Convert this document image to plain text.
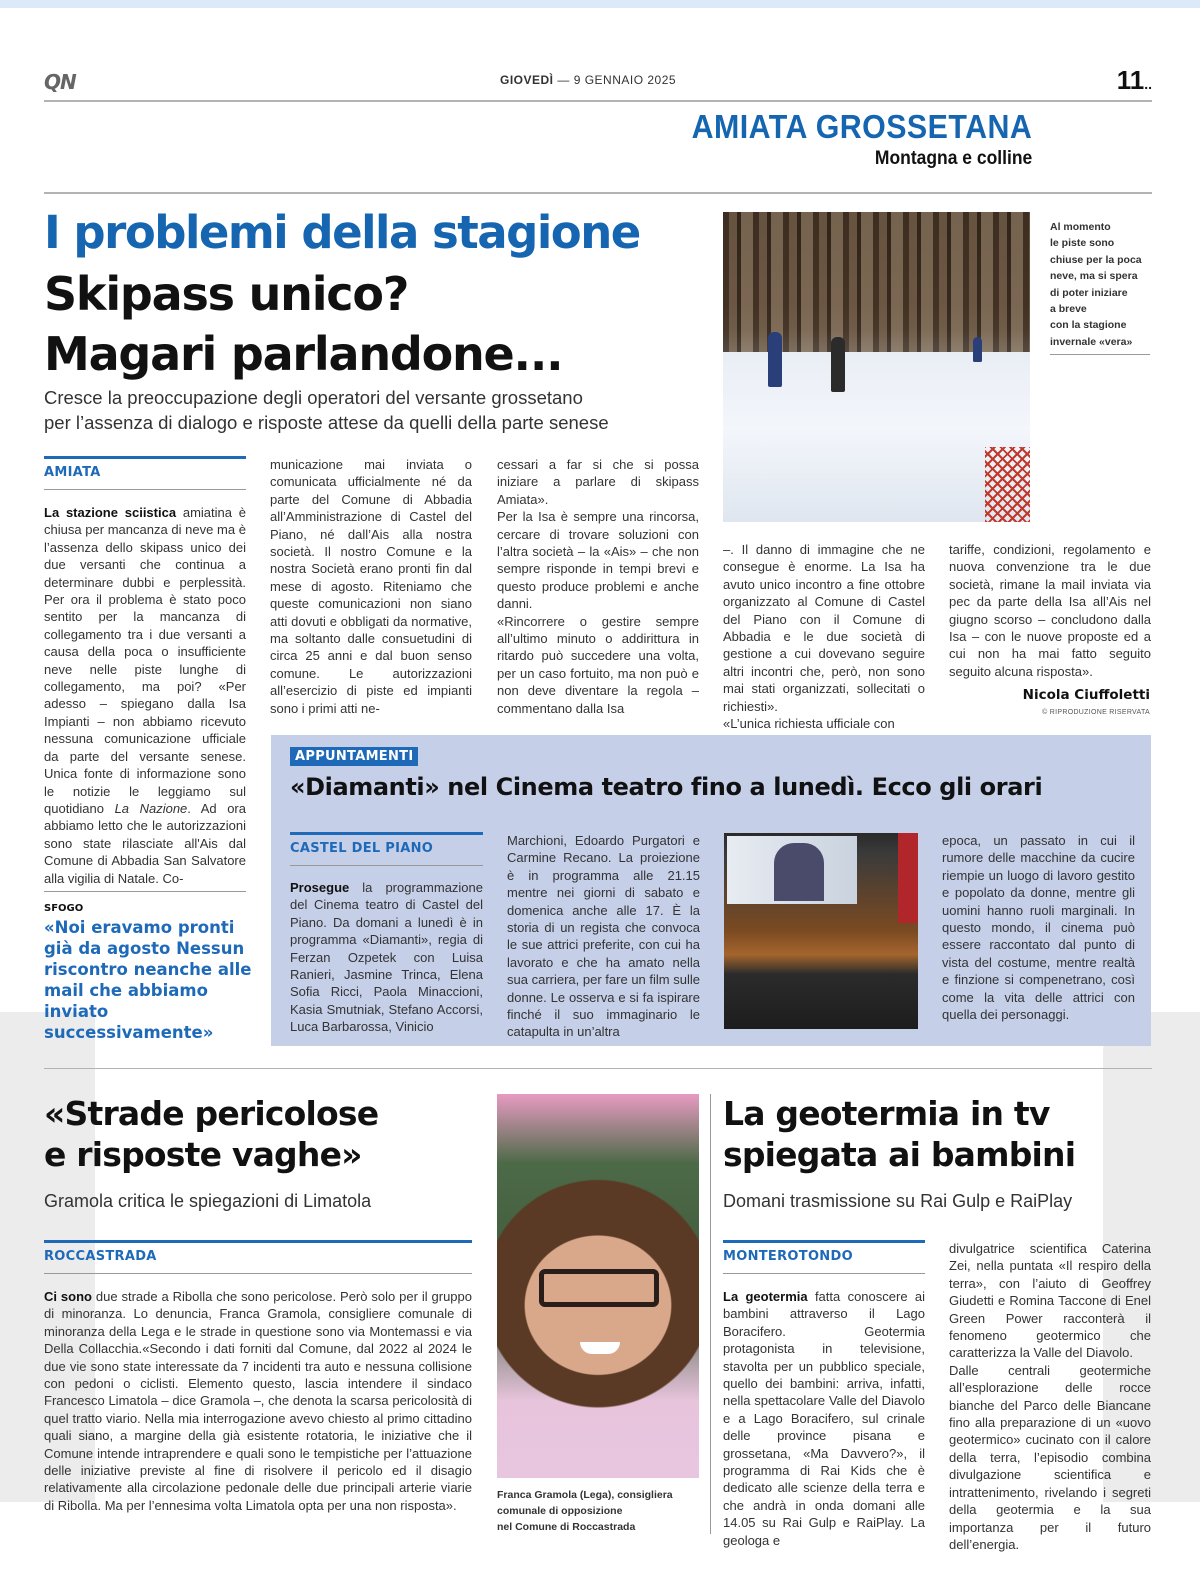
QN	GIOVEDÌ — 9 GENNAIO 2025	11..
AMIATA GROSSETANA
Montagna e colline
I problemi della stagione
Skipass unico?
Magari parlandone...
Cresce la preoccupazione degli operatori del versante grossetano
per l’assenza di dialogo e risposte attese da quelli della parte senese
Al momento
le piste sono
chiuse per la poca
neve, ma si spera
di poter iniziare
a breve
con la stagione
invernale «vera»
AMIATA

La stazione sciistica amiatina è chiusa per mancanza di neve ma è l’assenza dello skipass unico dei due versanti che continua a determinare dubbi e perplessità. Per ora il problema è stato poco sentito per la mancanza di collegamento tra i due versanti a causa della poca o insufficiente neve nelle piste lunghe di collegamento, ma poi? «Per adesso – spiegano dalla Isa Impianti – non abbiamo ricevuto nessuna comunicazione ufficiale da parte del versante senese. Unica fonte di informazione sono le notizie le leggiamo sul quotidiano La Nazione. Ad ora abbiamo letto che le autorizzazioni sono state rilasciate all'Ais dal Comune di Abbadia San Salvatore alla vigilia di Natale. Co-

municazione mai inviata o comunicata ufficialmente né da parte del Comune di Abbadia all’Amministrazione di Castel del Piano, né dall’Ais alla nostra società. Il nostro Comune e la nostra Società erano pronti fin dal mese di agosto. Riteniamo che queste comunicazioni non siano atti dovuti e obbligati da normative, ma soltanto dalle consuetudini di circa 25 anni e dal buon senso comune. Le autorizzazioni all’esercizio di piste ed impianti sono i primi atti ne-

cessari a far si che si possa iniziare a parlare di skipass Amiata».

Per la Isa è sempre una rincorsa, cercare di trovare soluzioni con l’altra società – la «Ais» – che non sempre risponde in tempi brevi e questo produce problemi e anche danni.

«Rincorrere o gestire sempre all’ultimo minuto o addirittura in ritardo può succedere una volta, per un caso fortuito, ma non può e non deve diventare la regola – commentano dalla Isa

–. Il danno di immagine che ne consegue è enorme. La Isa ha avuto unico incontro a fine ottobre organizzato al Comune di Castel del Piano con il Comune di Abbadia e le due società di gestione a cui dovevano seguire altri incontri che, però, non sono mai stati organizzati, sollecitati o richiesti».

«L’unica richiesta ufficiale con

tariffe, condizioni, regolamento e nuova convenzione tra le due società, rimane la mail inviata via pec da parte della Isa all’Ais nel giugno scorso – concludono dalla Isa – con le nuove proposte ed a cui non ha mai fatto seguito seguito alcuna risposta».

Nicola Ciuffoletti
© RIPRODUZIONE RISERVATA
SFOGO
«Noi eravamo pronti già da agosto Nessun riscontro neanche alle mail che abbiamo inviato successivamente»
APPUNTAMENTI
«Diamanti» nel Cinema teatro fino a lunedì. Ecco gli orari
CASTEL DEL PIANO

Prosegue la programmazione del Cinema teatro di Castel del Piano. Da domani a lunedì è in programma «Diamanti», regia di Ferzan Ozpetek con Luisa Ranieri, Jasmine Trinca, Elena Sofia Ricci, Paola Minaccioni, Kasia Smutniak, Stefano Accorsi, Luca Barbarossa, Vinicio

Marchioni, Edoardo Purgatori e Carmine Recano. La proiezione è in programma alle 21.15 mentre nei giorni di sabato e domenica anche alle 17. È la storia di un regista che convoca le sue attrici preferite, con cui ha lavorato e che ha amato nella sua carriera, per fare un film sulle donne. Le osserva e si fa ispirare finché il suo immaginario le catapulta in un’altra

epoca, un passato in cui il rumore delle macchine da cucire riempie un luogo di lavoro gestito e popolato da donne, mentre gli uomini hanno ruoli marginali. In questo mondo, il cinema può essere raccontato dal punto di vista del costume, mentre realtà e finzione si compenetrano, così come la vita delle attrici con quella dei personaggi.

«Strade pericolose
e risposte vaghe»
Gramola critica le spiegazioni di Limatola
ROCCASTRADA

Ci sono due strade a Ribolla che sono pericolose. Però solo per il gruppo di minoranza. Lo denuncia, Franca Gramola, consigliere comunale di minoranza della Lega e le strade in questione sono via Montemassi e via Della Collacchia.«Secondo i dati forniti dal Comune, dal 2022 al 2024 le due vie sono state interessate da 7 incidenti tra auto e nessuna collisione con pedoni o ciclisti. Elemento questo, lascia intendere il sindaco Francesco Limatola – dice Gramola –, che denota la scarsa pericolosità di quel tratto viario. Nella mia interrogazione avevo chiesto al primo cittadino quali siano, a margine della già esistente rotatoria, le iniziative che il Comune intende intraprendere e quali sono le tempistiche per l’attuazione delle iniziative previste al fine di risolvere il pericolo ed il disagio relativamente alla circolazione pedonale delle due principali arterie viarie di Ribolla. Ma per l’ennesima volta Limatola opta per una non risposta».

Franca Gramola (Lega), consigliera
comunale di opposizione
nel Comune di Roccastrada
La geotermia in tv
spiegata ai bambini
Domani trasmissione su Rai Gulp e RaiPlay
MONTEROTONDO

La geotermia fatta conoscere ai bambini attraverso il Lago Boracifero. Geotermia protagonista in televisione, stavolta per un pubblico speciale, quello dei bambini: arriva, infatti, nella spettacolare Valle del Diavolo e a Lago Boracifero, sul crinale delle province pisana e grossetana, «Ma Davvero?», il programma di Rai Kids che è dedicato alle scienze della terra e che andrà in onda domani alle 14.05 su Rai Gulp e RaiPlay. La geologa e

divulgatrice scientifica Caterina Zei, nella puntata «Il respiro della terra», con l’aiuto di Geoffrey Giudetti e Romina Taccone di Enel Green Power racconterà il fenomeno geotermico che caratterizza la Valle del Diavolo.

Dalle centrali geotermiche all’esplorazione delle rocce bianche del Parco delle Biancane fino alla preparazione di un «uovo geotermico» cucinato con il calore della terra, l’episodio combina divulgazione scientifica e intrattenimento, rivelando i segreti della geotermia e la sua importanza per il futuro dell’energia.
